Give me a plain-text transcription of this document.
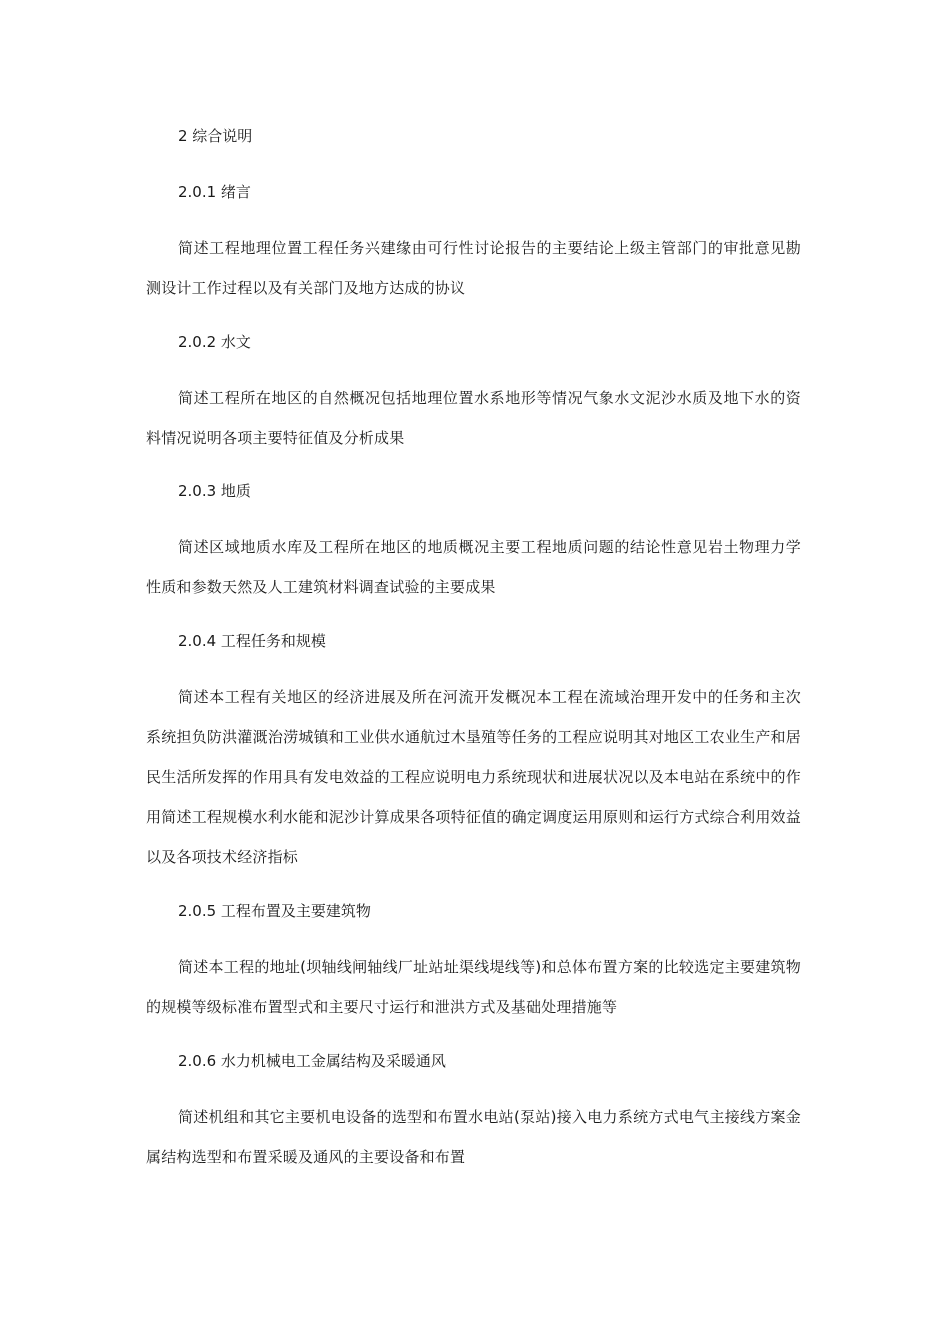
2 综合说明
2.0.1 绪言
简述工程地理位置工程任务兴建缘由可行性讨论报告的主要结论上级主管部门的审批意见勘测设计工作过程以及有关部门及地方达成的协议
2.0.2 水文
简述工程所在地区的自然概况包括地理位置水系地形等情况气象水文泥沙水质及地下水的资料情况说明各项主要特征值及分析成果
2.0.3 地质
简述区域地质水库及工程所在地区的地质概况主要工程地质问题的结论性意见岩土物理力学性质和参数天然及人工建筑材料调查试验的主要成果
2.0.4 工程任务和规模
简述本工程有关地区的经济进展及所在河流开发概况本工程在流域治理开发中的任务和主次系统担负防洪灌溉治涝城镇和工业供水通航过木垦殖等任务的工程应说明其对地区工农业生产和居民生活所发挥的作用具有发电效益的工程应说明电力系统现状和进展状况以及本电站在系统中的作用简述工程规模水利水能和泥沙计算成果各项特征值的确定调度运用原则和运行方式综合利用效益以及各项技术经济指标
2.0.5 工程布置及主要建筑物
简述本工程的地址(坝轴线闸轴线厂址站址渠线堤线等)和总体布置方案的比较选定主要建筑物的规模等级标准布置型式和主要尺寸运行和泄洪方式及基础处理措施等
2.0.6 水力机械电工金属结构及采暖通风
简述机组和其它主要机电设备的选型和布置水电站(泵站)接入电力系统方式电气主接线方案金属结构选型和布置采暖及通风的主要设备和布置
